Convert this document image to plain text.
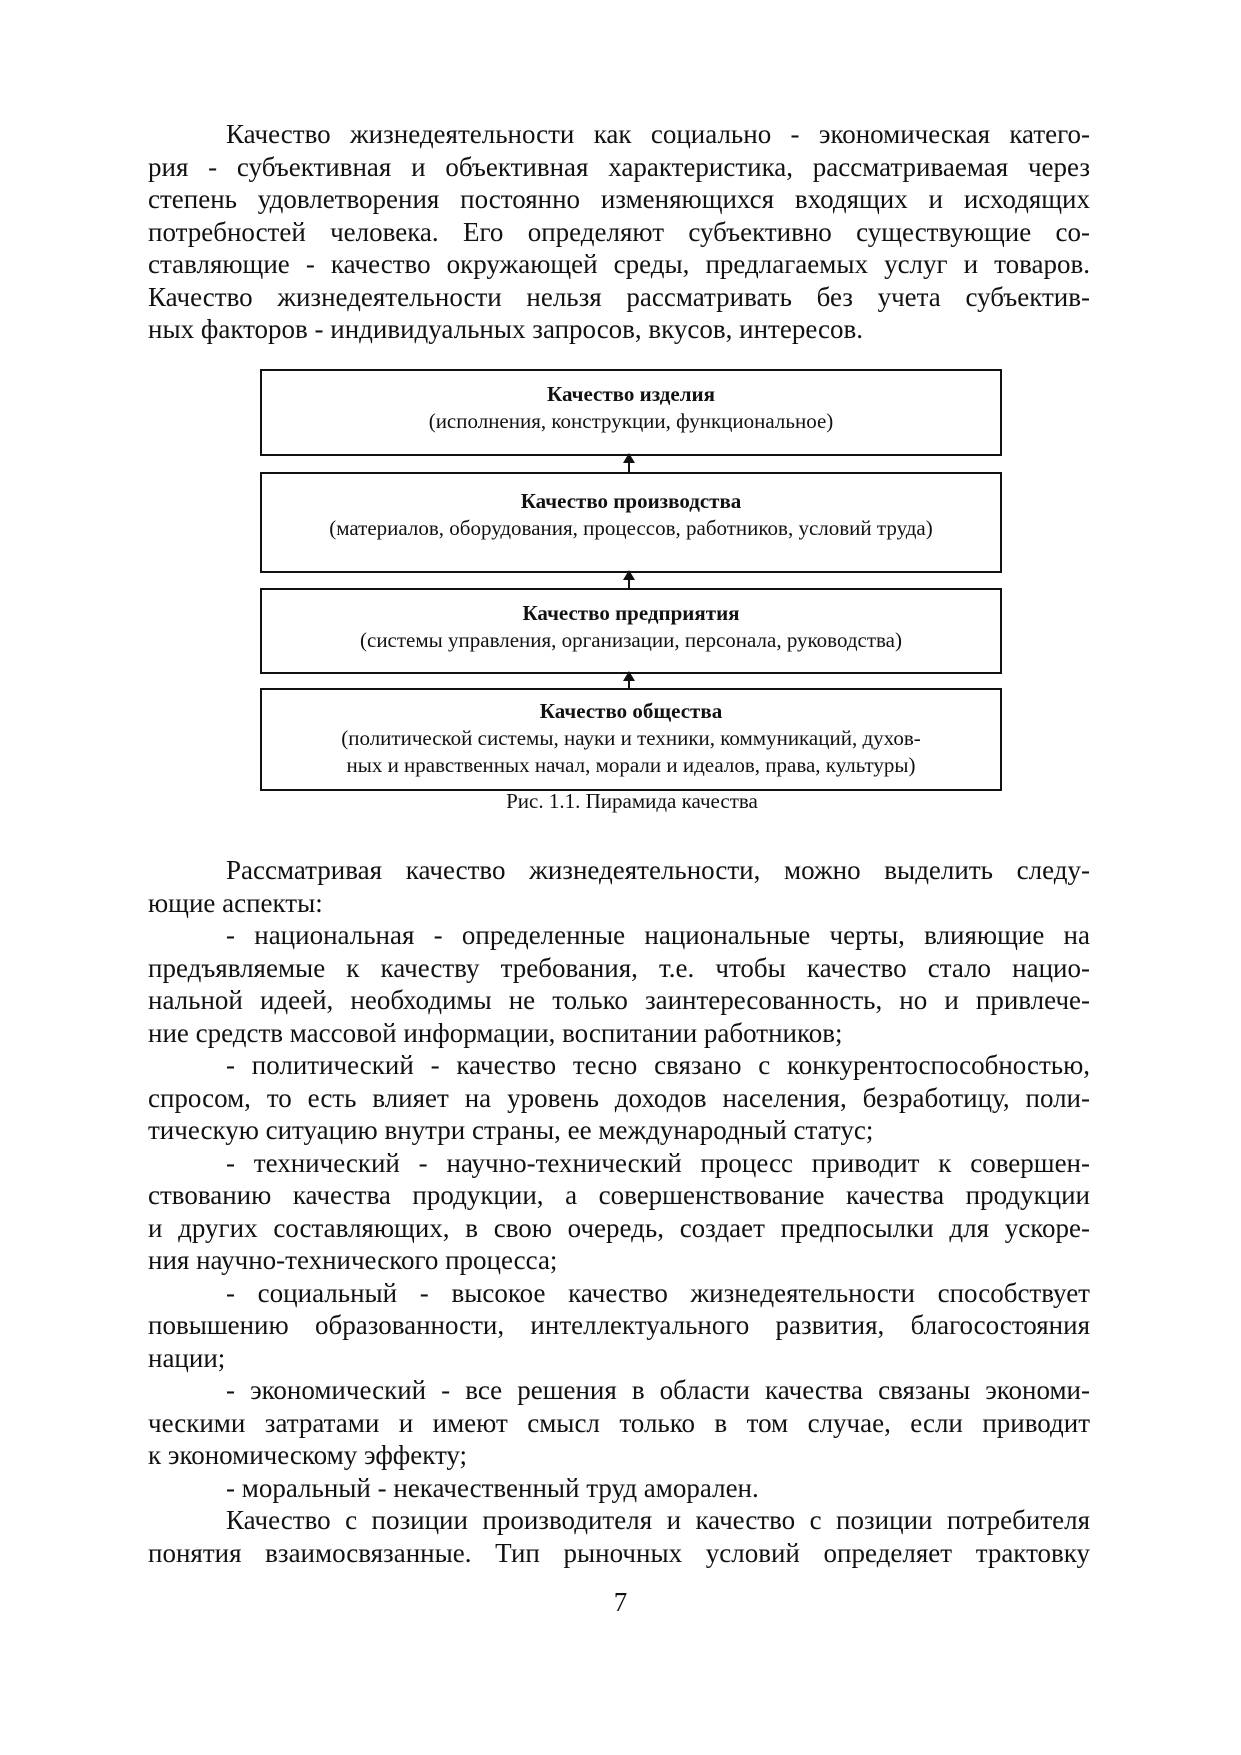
Качество жизнедеятельности как социально - экономическая катего-
рия - субъективная и объективная характеристика, рассматриваемая через
степень удовлетворения постоянно изменяющихся входящих и исходящих
потребностей человека. Его определяют субъективно существующие со-
ставляющие - качество окружающей среды, предлагаемых услуг и товаров.
Качество жизнедеятельности нельзя рассматривать без учета субъектив-
ных факторов - индивидуальных запросов, вкусов, интересов.
Качество изделия
(исполнения, конструкции, функциональное)
Качество производства
(материалов, оборудования, процессов, работников, условий труда)
Качество предприятия
(системы управления, организации, персонала, руководства)
Качество общества
(политической системы, науки и техники, коммуникаций, духов-
ных и нравственных начал, морали и идеалов, права, культуры)
Рис. 1.1. Пирамида качества
Рассматривая качество жизнедеятельности, можно выделить следу-
ющие аспекты:
- национальная - определенные национальные черты, влияющие на
предъявляемые к качеству требования, т.е. чтобы качество стало нацио-
нальной идеей, необходимы не только заинтересованность, но и привлече-
ние средств массовой информации, воспитании работников;
- политический - качество тесно связано с конкурентоспособностью,
спросом, то есть влияет на уровень доходов населения, безработицу, поли-
тическую ситуацию внутри страны, ее международный статус;
- технический - научно-технический процесс приводит к совершен-
ствованию качества продукции, а совершенствование качества продукции
и других составляющих, в свою очередь, создает предпосылки для ускоре-
ния научно-технического процесса;
- социальный - высокое качество жизнедеятельности способствует
повышению образованности, интеллектуального развития, благосостояния
нации;
- экономический - все решения в области качества связаны экономи-
ческими затратами и имеют смысл только в том случае, если приводит
к экономическому эффекту;
- моральный - некачественный труд аморален.
Качество с позиции производителя и качество с позиции потребителя
понятия взаимосвязанные. Тип рыночных условий определяет трактовку
7
